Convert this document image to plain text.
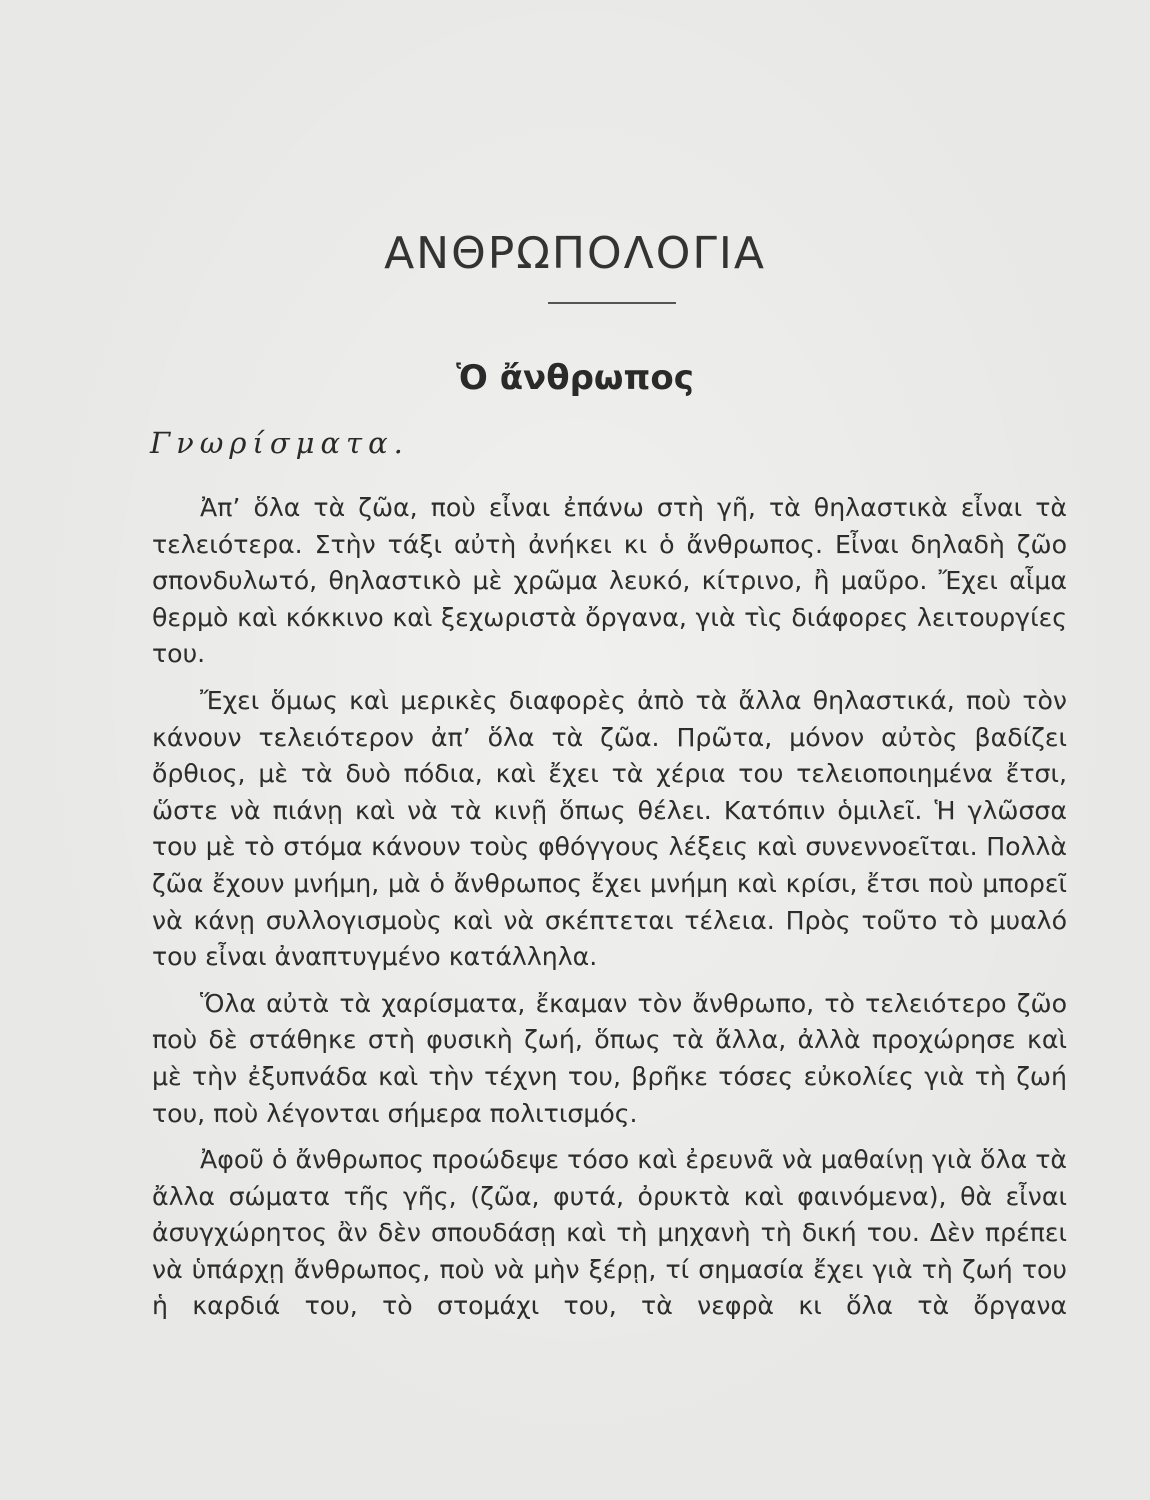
ΑΝΘΡΩΠΟΛΟΓΙΑ
Ὁ ἄνθρωπος
Γνωρίσματα.

Ἀπ’ ὅλα τὰ ζῶα, ποὺ εἶναι ἐπάνω στὴ γῆ, τὰ θηλαστικὰ εἶναι τὰ τελειότερα. Στὴν τάξι αὐτὴ ἀνήκει κι ὁ ἄνθρωπος. Εἶναι δηλαδὴ ζῶο σπονδυλωτό, θηλαστικὸ μὲ χρῶμα λευκό, κίτρινο, ἢ μαῦρο. Ἔχει αἷμα θερμὸ καὶ κόκκινο καὶ ξεχωριστὰ ὄργανα, γιὰ τὶς διάφορες λειτουργίες του.

Ἔχει ὅμως καὶ μερικὲς διαφορὲς ἀπὸ τὰ ἄλλα θηλαστικά, ποὺ τὸν κάνουν τελειότερον ἀπ’ ὅλα τὰ ζῶα. Πρῶτα, μόνον αὐτὸς βαδίζει ὄρθιος, μὲ τὰ δυὸ πόδια, καὶ ἔχει τὰ χέρια του τελειοποιημένα ἔτσι, ὥστε νὰ πιάνῃ καὶ νὰ τὰ κινῇ ὅπως θέλει. Κατόπιν ὁμιλεῖ. Ἡ γλῶσσα του μὲ τὸ στόμα κάνουν τοὺς φθόγγους λέξεις καὶ συνεννοεῖται. Πολλὰ ζῶα ἔχουν μνήμη, μὰ ὁ ἄνθρωπος ἔχει μνήμη καὶ κρίσι, ἔτσι ποὺ μπορεῖ νὰ κάνῃ συλλογισμοὺς καὶ νὰ σκέπτεται τέλεια. Πρὸς τοῦτο τὸ μυαλό του εἶναι ἀναπτυγμένο κατάλληλα.

Ὅλα αὐτὰ τὰ χαρίσματα, ἔκαμαν τὸν ἄνθρωπο, τὸ τελειότερο ζῶο ποὺ δὲ στάθηκε στὴ φυσικὴ ζωή, ὅπως τὰ ἄλλα, ἀλλὰ προχώρησε καὶ μὲ τὴν ἐξυπνάδα καὶ τὴν τέχνη του, βρῆκε τόσες εὐκολίες γιὰ τὴ ζωή του, ποὺ λέγονται σήμερα πολιτισμός.

Ἀφοῦ ὁ ἄνθρωπος προώδεψε τόσο καὶ ἐρευνᾶ νὰ μαθαίνῃ γιὰ ὅλα τὰ ἄλλα σώματα τῆς γῆς, (ζῶα, φυτά, ὀρυκτὰ καὶ φαινόμενα), θὰ εἶναι ἀσυγχώρητος ἂν δὲν σπουδάσῃ καὶ τὴ μηχανὴ τὴ δική του. Δὲν πρέπει νὰ ὑπάρχῃ ἄνθρωπος, ποὺ νὰ μὴν ξέρῃ, τί σημασία ἔχει γιὰ τὴ ζωή του ἡ καρδιά του, τὸ στομάχι του, τὰ νεφρὰ κι ὅλα τὰ ὄργανα
